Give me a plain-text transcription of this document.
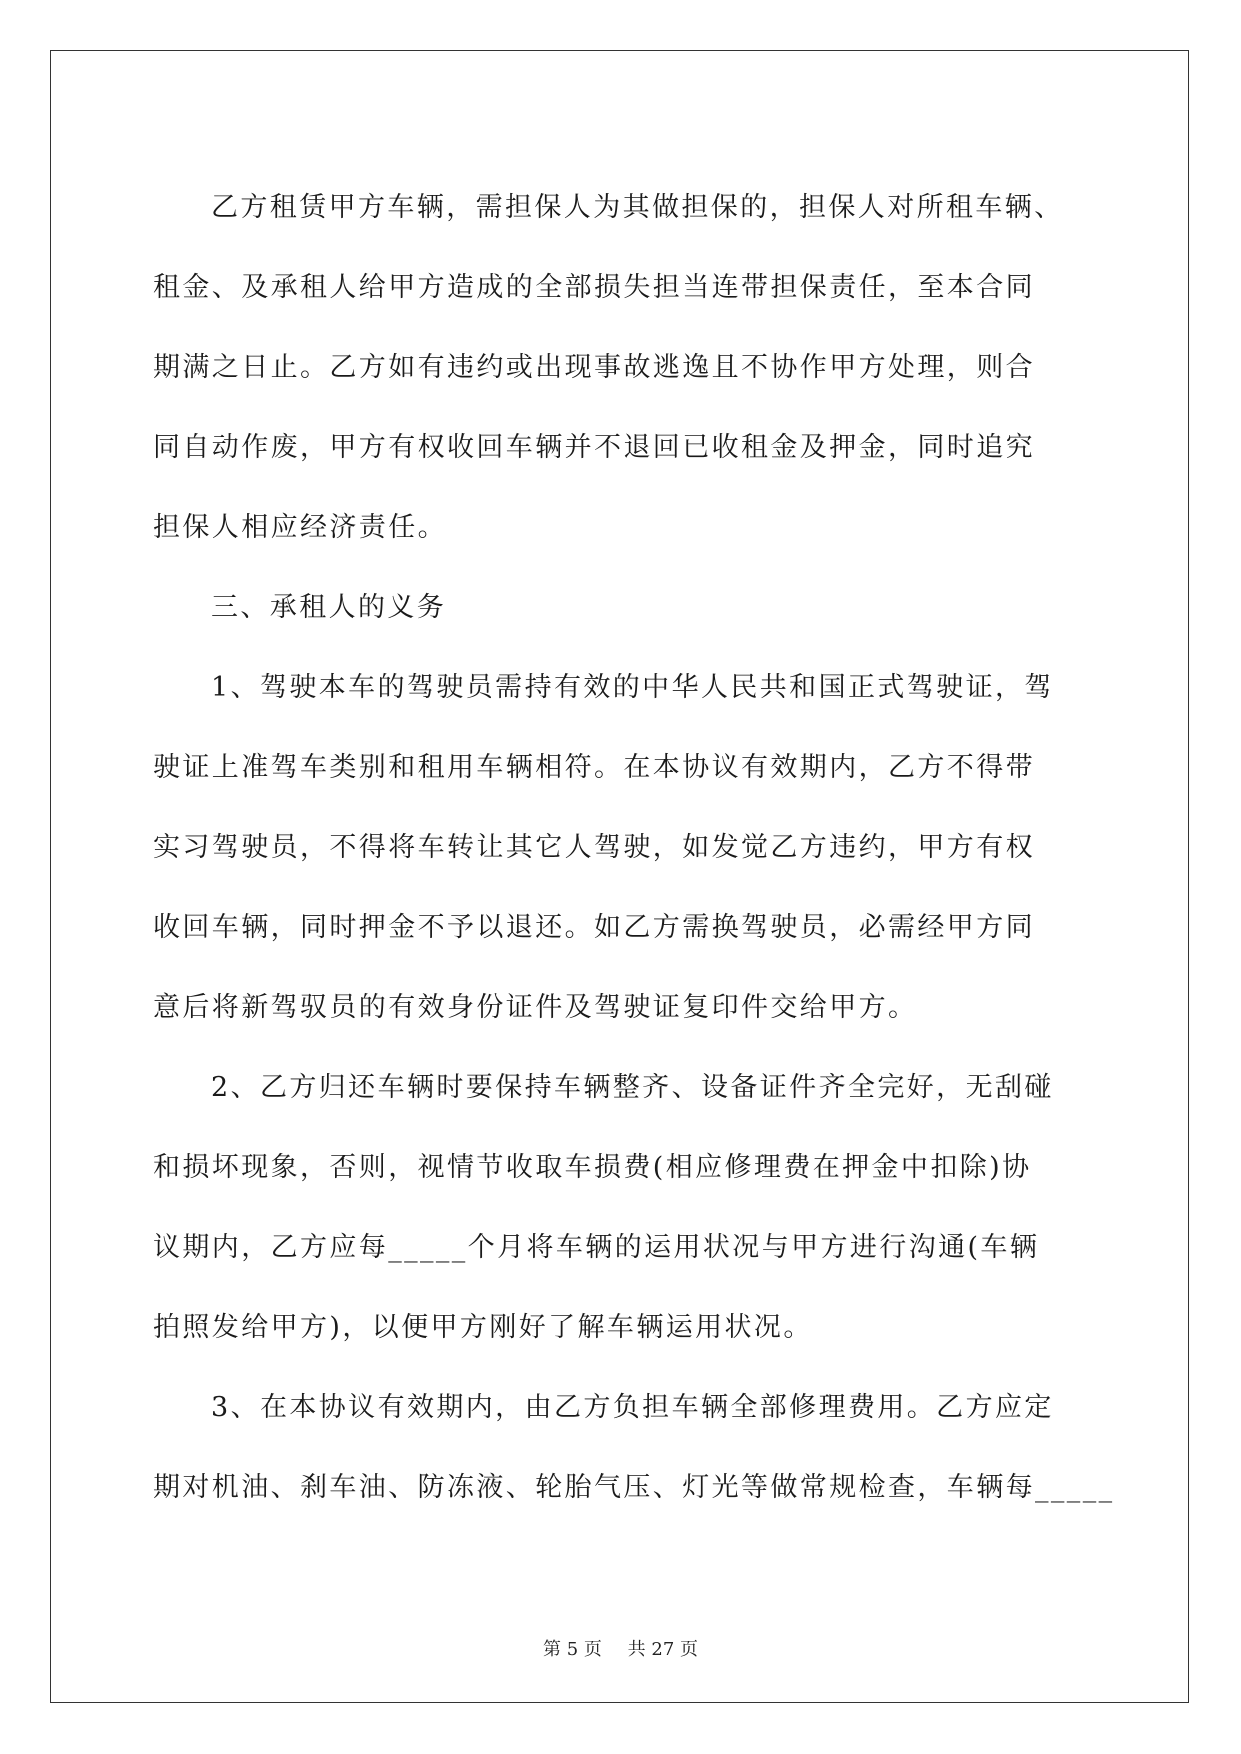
乙方租赁甲方车辆，需担保人为其做担保的，担保人对所租车辆、
租金、及承租人给甲方造成的全部损失担当连带担保责任，至本合同
期满之日止。乙方如有违约或出现事故逃逸且不协作甲方处理，则合
同自动作废，甲方有权收回车辆并不退回已收租金及押金，同时追究
担保人相应经济责任。

三、承租人的义务

1、驾驶本车的驾驶员需持有效的中华人民共和国正式驾驶证，驾
驶证上准驾车类别和租用车辆相符。在本协议有效期内，乙方不得带
实习驾驶员，不得将车转让其它人驾驶，如发觉乙方违约，甲方有权
收回车辆，同时押金不予以退还。如乙方需换驾驶员，必需经甲方同
意后将新驾驭员的有效身份证件及驾驶证复印件交给甲方。

2、乙方归还车辆时要保持车辆整齐、设备证件齐全完好，无刮碰
和损坏现象，否则，视情节收取车损费(相应修理费在押金中扣除)协
议期内，乙方应每_____个月将车辆的运用状况与甲方进行沟通(车辆
拍照发给甲方)，以便甲方刚好了解车辆运用状况。

3、在本协议有效期内，由乙方负担车辆全部修理费用。乙方应定
期对机油、刹车油、防冻液、轮胎气压、灯光等做常规检查，车辆每_____

第 5 页 共 27 页
